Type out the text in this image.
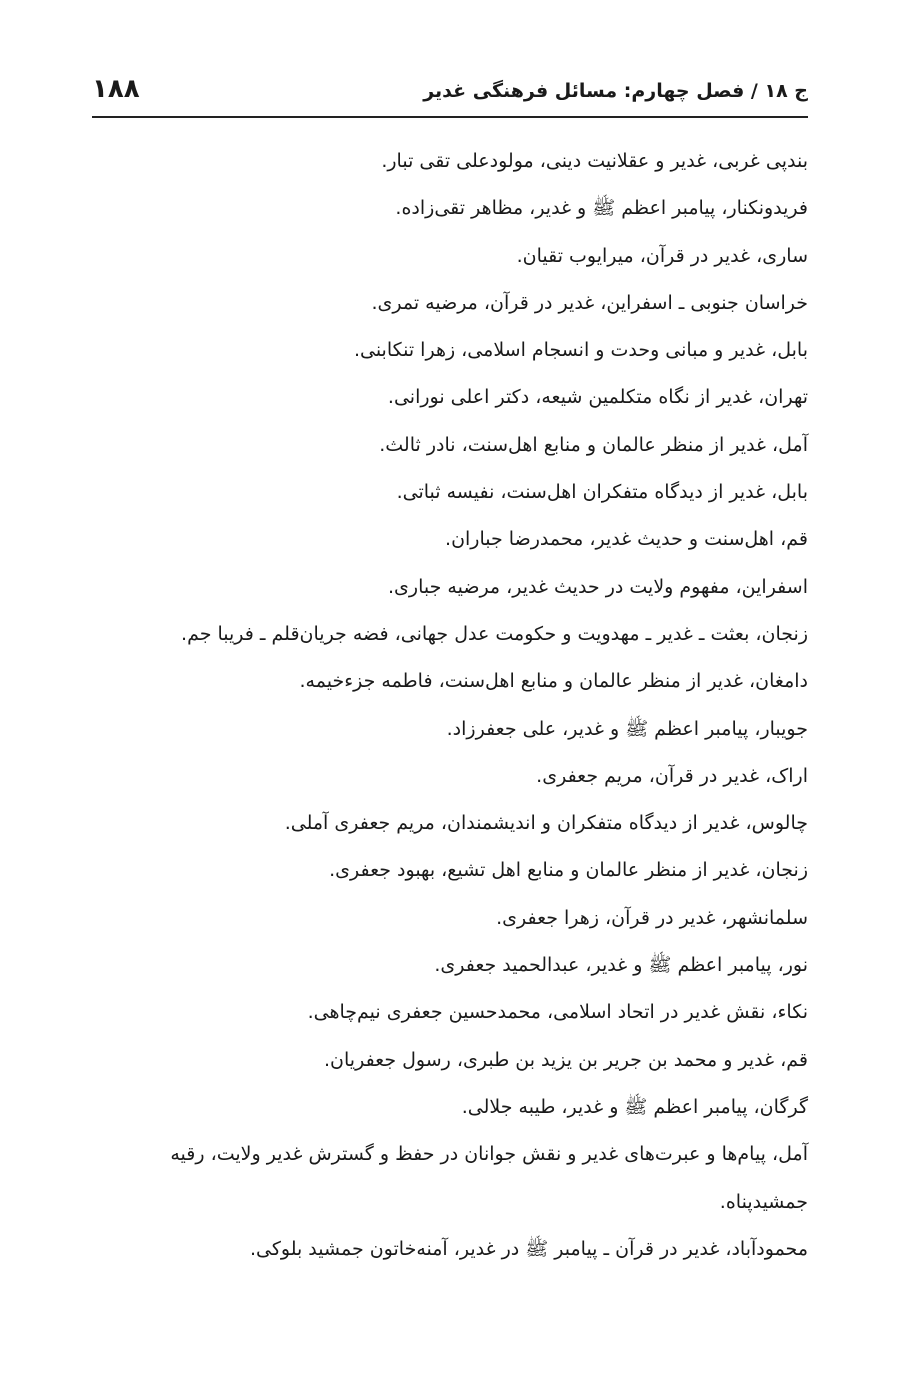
۱۸۸	ج ۱۸ / فصل چهارم: مسائل فرهنگی غدیر

بندپی غربی، غدیر و عقلانیت دینی، مولودعلی تقی تبار.

فریدونکنار، پیامبر اعظم ﷺ و غدیر، مظاهر تقی‌زاده.

ساری، غدیر در قرآن، میرایوب تقیان.

خراسان جنوبی ـ اسفراین، غدیر در قرآن، مرضیه تمری.

بابل، غدیر و مبانی وحدت و انسجام اسلامی، زهرا تنکابنی.

تهران، غدیر از نگاه متکلمین شیعه، دکتر اعلی نورانی.

آمل، غدیر از منظر عالمان و منابع اهل‌سنت، نادر ثالث.

بابل، غدیر از دیدگاه متفکران اهل‌سنت، نفیسه ثباتی.

قم، اهل‌سنت و حدیث غدیر، محمدرضا جباران.

اسفراین، مفهوم ولایت در حدیث غدیر، مرضیه جباری.

زنجان، بعثت ـ غدیر ـ مهدویت و حکومت عدل جهانی، فضه جریان‌قلم ـ فریبا جم.

دامغان، غدیر از منظر عالمان و منابع اهل‌سنت، فاطمه جزءخیمه.

جویبار، پیامبر اعظم ﷺ و غدیر، علی جعفرزاد.

اراک، غدیر در قرآن، مریم جعفری.

چالوس، غدیر از دیدگاه متفکران و اندیشمندان، مریم جعفری آملی.

زنجان، غدیر از منظر عالمان و منابع اهل تشیع، بهبود جعفری.

سلمانشهر، غدیر در قرآن، زهرا جعفری.

نور، پیامبر اعظم ﷺ و غدیر، عبدالحمید جعفری.

نکاء، نقش غدیر در اتحاد اسلامی، محمدحسین جعفری نیم‌چاهی.

قم، غدیر و محمد بن جریر بن یزید بن طبری، رسول جعفریان.

گرگان، پیامبر اعظم ﷺ و غدیر، طیبه جلالی.

آمل، پیام‌ها و عبرت‌های غدیر و نقش جوانان در حفظ و گسترش غدیر ولایت، رقیه جمشیدپناه.

محمودآباد، غدیر در قرآن ـ پیامبر ﷺ در غدیر، آمنه‌خاتون جمشید بلوکی.
